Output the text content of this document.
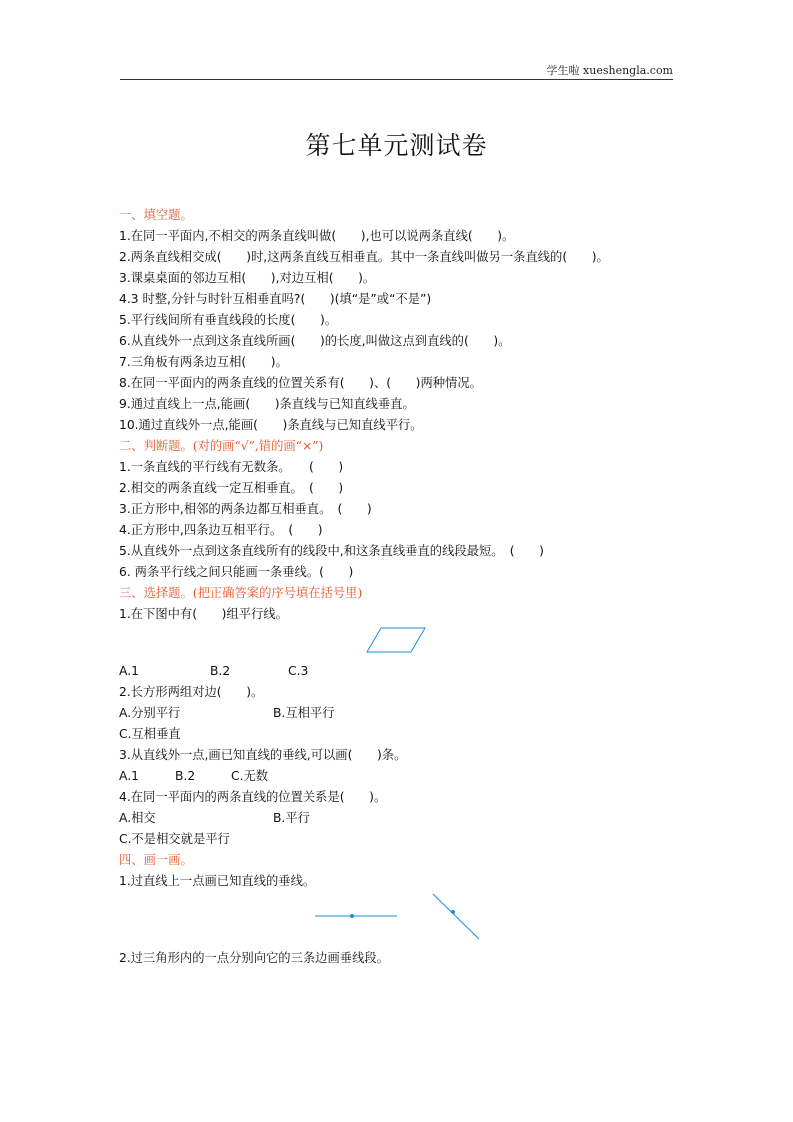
学生啦 xueshengla.com
第七单元测试卷
一、填空题。
1.在同一平面内,不相交的两条直线叫做(　　),也可以说两条直线(　　)。
2.两条直线相交成(　　)时,这两条直线互相垂直。其中一条直线叫做另一条直线的(　　)。
3.课桌桌面的邻边互相(　　),对边互相(　　)。
4.3 时整,分针与时针互相垂直吗?(　　)(填“是”或“不是”)
5.平行线间所有垂直线段的长度(　　)。
6.从直线外一点到这条直线所画(　　)的长度,叫做这点到直线的(　　)。
7.三角板有两条边互相(　　)。
8.在同一平面内的两条直线的位置关系有(　　)、(　　)两种情况。
9.通过直线上一点,能画(　　)条直线与已知直线垂直。
10.通过直线外一点,能画(　　)条直线与已知直线平行。
二、判断题。(对的画“√”,错的画“×”)
1.一条直线的平行线有无数条。　　(　　)
2.相交的两条直线一定互相垂直。　(　　)
3.正方形中,相邻的两条边都互相垂直。　(　　)
4.正方形中,四条边互相平行。　(　　)
5.从直线外一点到这条直线所有的线段中,和这条直线垂直的线段最短。　(　　)
6. 两条平行线之间只能画一条垂线。(　　)
三、选择题。(把正确答案的序号填在括号里)
1.在下图中有(　　)组平行线。
A.1	B.2	C.3
2.长方形两组对边(　　)。
A.分别平行	B.互相平行
C.互相垂直
3.从直线外一点,画已知直线的垂线,可以画(　　)条。
A.1	B.2	C.无数
4.在同一平面内的两条直线的位置关系是(　　)。
A.相交	B.平行
C.不是相交就是平行
四、画一画。
1.过直线上一点画已知直线的垂线。
2.过三角形内的一点分别向它的三条边画垂线段。
